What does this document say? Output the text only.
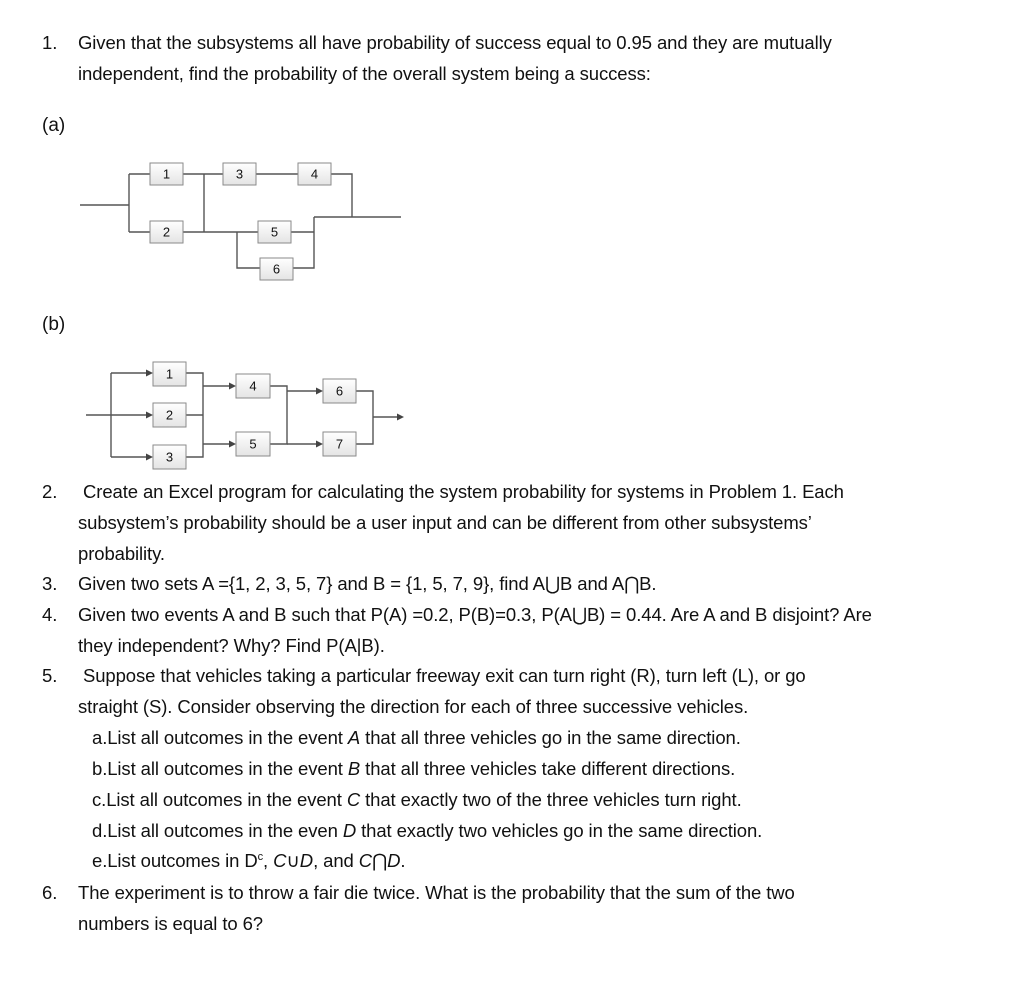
1. Given that the subsystems all have probability of success equal to 0.95 and they are mutually
independent, find the probability of the overall system being a success:
(a)
1
2
3	4
5
6
(b)
1
2
3
4
5
6
7
2. Create an Excel program for calculating the system probability for systems in Problem 1. Each
subsystem’s probability should be a user input and can be different from other subsystems’
probability.
3. Given two sets A ={1, 2, 3, 5, 7} and B = {1, 5, 7, 9}, find A⋃B and A⋂B.
4. Given two events A and B such that P(A) =0.2, P(B)=0.3, P(A⋃B) = 0.44. Are A and B disjoint? Are
they independent? Why? Find P(A|B).
5. Suppose that vehicles taking a particular freeway exit can turn right (R), turn left (L), or go
straight (S). Consider observing the direction for each of three successive vehicles.
a.List all outcomes in the event A that all three vehicles go in the same direction.
b.List all outcomes in the event B that all three vehicles take different directions.
c.List all outcomes in the event C that exactly two of the three vehicles turn right.
d.List all outcomes in the even D that exactly two vehicles go in the same direction.
e.List outcomes in $D^c$, C∪D, and C⋂D.
6. The experiment is to throw a fair die twice. What is the probability that the sum of the two
numbers is equal to 6?
